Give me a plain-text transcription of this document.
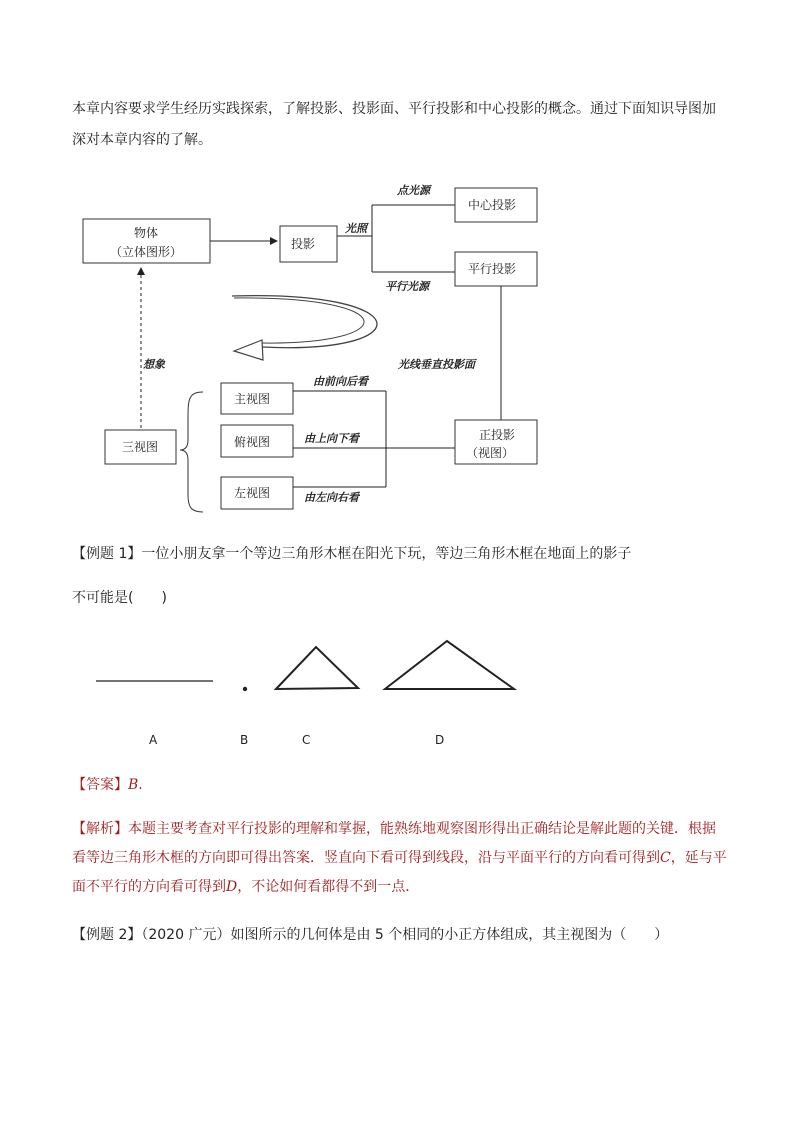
本章内容要求学生经历实践探索，了解投影、投影面、平行投影和中心投影的概念。通过下面知识导图加深对本章内容的了解。
物体
（立体图形）
投影
光照
点光源
平行光源
中心投影
平行投影
光线垂直投影面
想象
三视图
主视图
俯视图
左视图
由前向后看
由上向下看
由左向右看
正投影
（视图）
A	B	C	D
【例题 1】一位小朋友拿一个等边三角形木框在阳光下玩，等边三角形木框在地面上的影子
不可能是(　　)
【答案】B.
【解析】本题主要考查对平行投影的理解和掌握，能熟练地观察图形得出正确结论是解此题的关键．根据看等边三角形木框的方向即可得出答案．竖直向下看可得到线段，沿与平面平行的方向看可得到C，延与平面不平行的方向看可得到D，不论如何看都得不到一点．
【例题 2】（2020 广元）如图所示的几何体是由 5 个相同的小正方体组成，其主视图为（　　）
